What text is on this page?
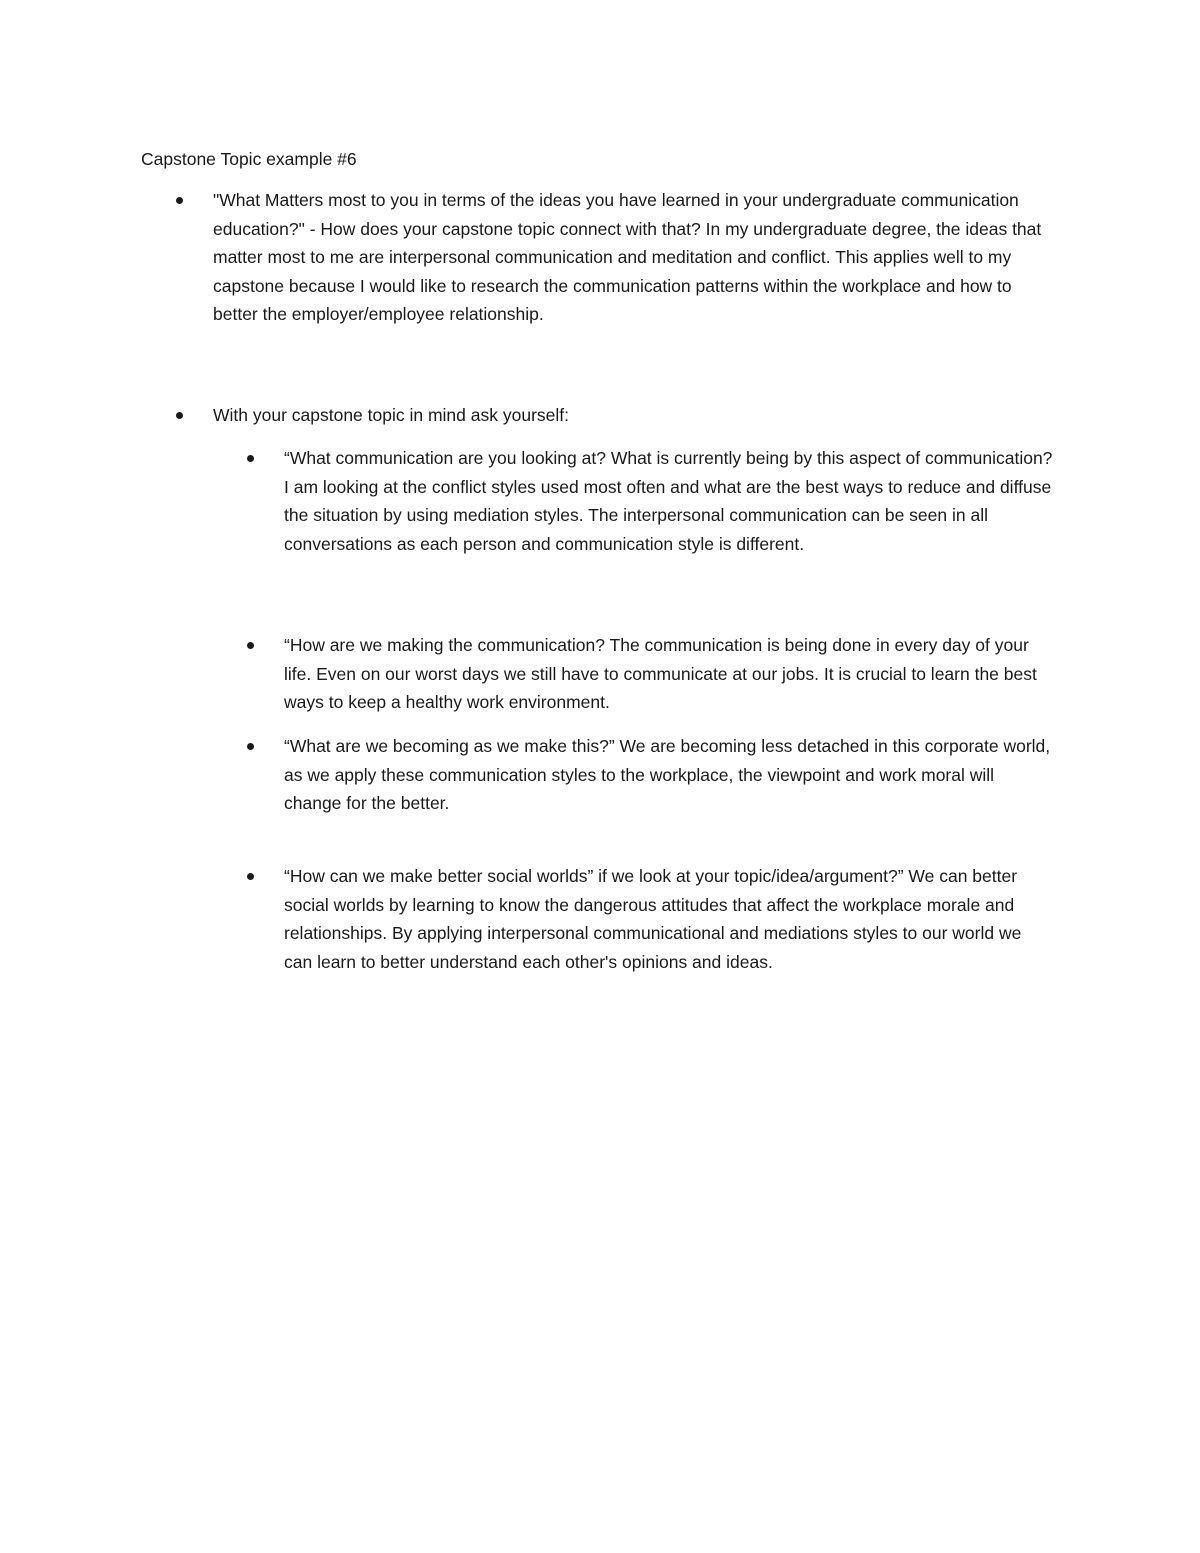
Capstone Topic example #6

"What Matters most to you in terms of the ideas you have learned in your undergraduate communication education?" - How does your capstone topic connect with that? In my undergraduate degree, the ideas that matter most to me are interpersonal communication and meditation and conflict. This applies well to my capstone because I would like to research the communication patterns within the workplace and how to better the employer/employee relationship.

With your capstone topic in mind ask yourself:

“What communication are you looking at? What is currently being by this aspect of communication? I am looking at the conflict styles used most often and what are the best ways to reduce and diffuse the situation by using mediation styles. The interpersonal communication can be seen in all conversations as each person and communication style is different.

“How are we making the communication? The communication is being done in every day of your life. Even on our worst days we still have to communicate at our jobs. It is crucial to learn the best ways to keep a healthy work environment.

“What are we becoming as we make this?” We are becoming less detached in this corporate world, as we apply these communication styles to the workplace, the viewpoint and work moral will change for the better.

“How can we make better social worlds” if we look at your topic/idea/argument?” We can better social worlds by learning to know the dangerous attitudes that affect the workplace morale and relationships. By applying interpersonal communicational and mediations styles to our world we can learn to better understand each other's opinions and ideas.
